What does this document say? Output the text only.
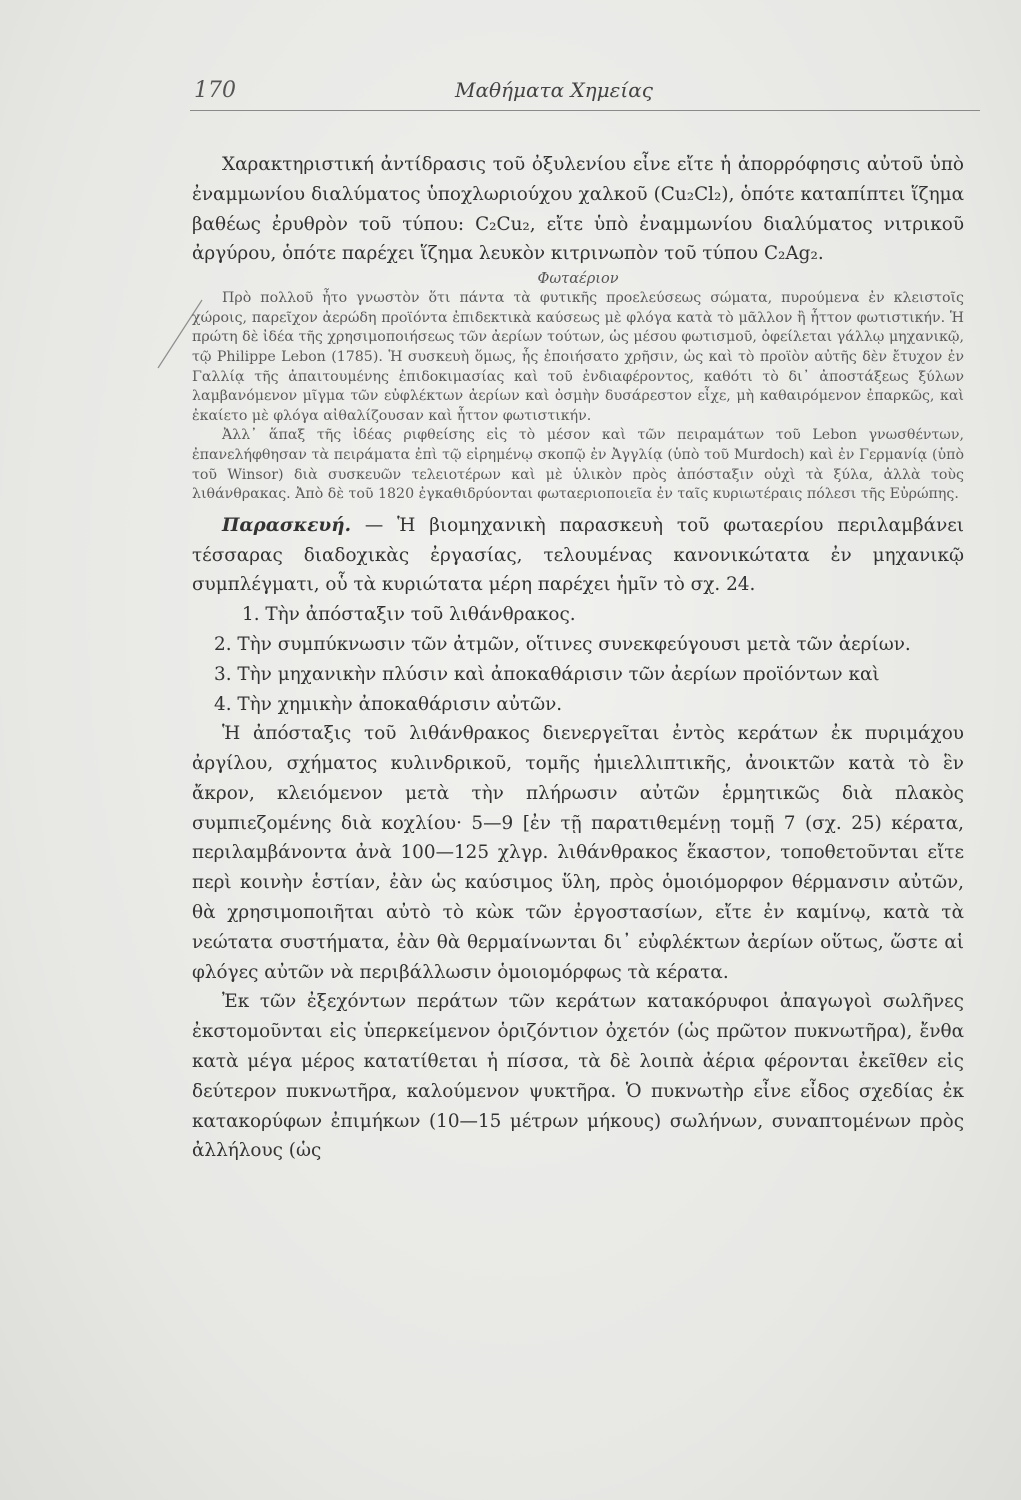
170	Μαθήματα Χημείας

Χαρακτηριστική ἀντίδρασις τοῦ ὀξυλενίου εἶνε εἴτε ἡ ἀπορρόφησις αὐτοῦ ὑπὸ ἐναμμωνίου διαλύματος ὑποχλωριούχου χαλκοῦ (Cu₂Cl₂), ὁπότε καταπίπτει ἵζημα βαθέως ἐρυθρὸν τοῦ τύπου: C₂Cu₂, εἴτε ὑπὸ ἐναμμωνίου διαλύματος νιτρικοῦ ἀργύρου, ὁπότε παρέχει ἵζημα λευκὸν κιτρινωπὸν τοῦ τύπου C₂Ag₂.

Φωταέριον

Πρὸ πολλοῦ ἦτο γνωστὸν ὅτι πάντα τὰ φυτικῆς προελεύσεως σώματα, πυρούμενα ἐν κλειστοῖς χώροις, παρεῖχον ἀερώδη προϊόντα ἐπιδεκτικὰ καύσεως μὲ φλόγα κατὰ τὸ μᾶλλον ἢ ἧττον φωτιστικήν. Ἡ πρώτη δὲ ἰδέα τῆς χρησιμοποιήσεως τῶν ἀερίων τούτων, ὡς μέσου φωτισμοῦ, ὀφείλεται γάλλῳ μηχανικῷ, τῷ Philippe Lebon (1785). Ἡ συσκευὴ ὅμως, ἧς ἐποιήσατο χρῆσιν, ὡς καὶ τὸ προϊὸν αὐτῆς δὲν ἔτυχον ἐν Γαλλίᾳ τῆς ἀπαιτουμένης ἐπιδοκιμασίας καὶ τοῦ ἐνδιαφέροντος, καθότι τὸ δι᾽ ἀποστάξεως ξύλων λαμβανόμενον μῖγμα τῶν εὐφλέκτων ἀερίων καὶ ὀσμὴν δυσάρεστον εἶχε, μὴ καθαιρόμενον ἐπαρκῶς, καὶ ἐκαίετο μὲ φλόγα αἰθαλίζουσαν καὶ ἧττον φωτιστικήν.

Ἀλλ᾽ ἅπαξ τῆς ἰδέας ριφθείσης εἰς τὸ μέσον καὶ τῶν πειραμάτων τοῦ Lebon γνωσθέντων, ἐπανελήφθησαν τὰ πειράματα ἐπὶ τῷ εἰρημένῳ σκοπῷ ἐν Ἀγγλίᾳ (ὑπὸ τοῦ Murdoch) καὶ ἐν Γερμανίᾳ (ὑπὸ τοῦ Winsor) διὰ συσκευῶν τελειοτέρων καὶ μὲ ὑλικὸν πρὸς ἀπόσταξιν οὐχὶ τὰ ξύλα, ἀλλὰ τοὺς λιθάνθρακας. Ἀπὸ δὲ τοῦ 1820 ἐγκαθιδρύονται φωταεριοποιεῖα ἐν ταῖς κυριωτέραις πόλεσι τῆς Εὐρώπης.

Παρασκευή. — Ἡ βιομηχανικὴ παρασκευὴ τοῦ φωταερίου περιλαμβάνει τέσσαρας διαδοχικὰς ἐργασίας, τελουμένας κανονικώτατα ἐν μηχανικῷ συμπλέγματι, οὗ τὰ κυριώτατα μέρη παρέχει ἡμῖν τὸ σχ. 24.

1. Τὴν ἀπόσταξιν τοῦ λιθάνθρακος.

2. Τὴν συμπύκνωσιν τῶν ἀτμῶν, οἵτινες συνεκφεύγουσι μετὰ τῶν ἀερίων.

3. Τὴν μηχανικὴν πλύσιν καὶ ἀποκαθάρισιν τῶν ἀερίων προϊόντων καὶ

4. Τὴν χημικὴν ἀποκαθάρισιν αὐτῶν.

Ἡ ἀπόσταξις τοῦ λιθάνθρακος διενεργεῖται ἐντὸς κεράτων ἐκ πυριμάχου ἀργίλου, σχήματος κυλινδρικοῦ, τομῆς ἡμιελλιπτικῆς, ἀνοικτῶν κατὰ τὸ ἓν ἄκρον, κλειόμενον μετὰ τὴν πλήρωσιν αὐτῶν ἑρμητικῶς διὰ πλακὸς συμπιεζομένης διὰ κοχλίου· 5—9 [ἐν τῇ παρατιθεμένῃ τομῇ 7 (σχ. 25) κέρατα, περιλαμβάνοντα ἀνὰ 100—125 χλγρ. λιθάνθρακος ἕκαστον, τοποθετοῦνται εἴτε περὶ κοινὴν ἑστίαν, ἐὰν ὡς καύσιμος ὕλη, πρὸς ὁμοιόμορφον θέρμανσιν αὐτῶν, θὰ χρησιμοποιῆται αὐτὸ τὸ κὼκ τῶν ἐργοστασίων, εἴτε ἐν καμίνῳ, κατὰ τὰ νεώτατα συστήματα, ἐὰν θὰ θερμαίνωνται δι᾽ εὐφλέκτων ἀερίων οὕτως, ὥστε αἱ φλόγες αὐτῶν νὰ περιβάλλωσιν ὁμοιομόρφως τὰ κέρατα.

Ἐκ τῶν ἐξεχόντων περάτων τῶν κεράτων κατακόρυφοι ἀπαγωγοὶ σωλῆνες ἐκστομοῦνται εἰς ὑπερκείμενον ὁριζόντιον ὀχετόν (ὡς πρῶτον πυκνωτῆρα), ἔνθα κατὰ μέγα μέρος κατατίθεται ἡ πίσσα, τὰ δὲ λοιπὰ ἀέρια φέρονται ἐκεῖθεν εἰς δεύτερον πυκνωτῆρα, καλούμενον ψυκτῆρα. Ὁ πυκνωτὴρ εἶνε εἶδος σχεδίας ἐκ κατακορύφων ἐπιμήκων (10—15 μέτρων μήκους) σωλήνων, συναπτομένων πρὸς ἀλλήλους (ὡς
